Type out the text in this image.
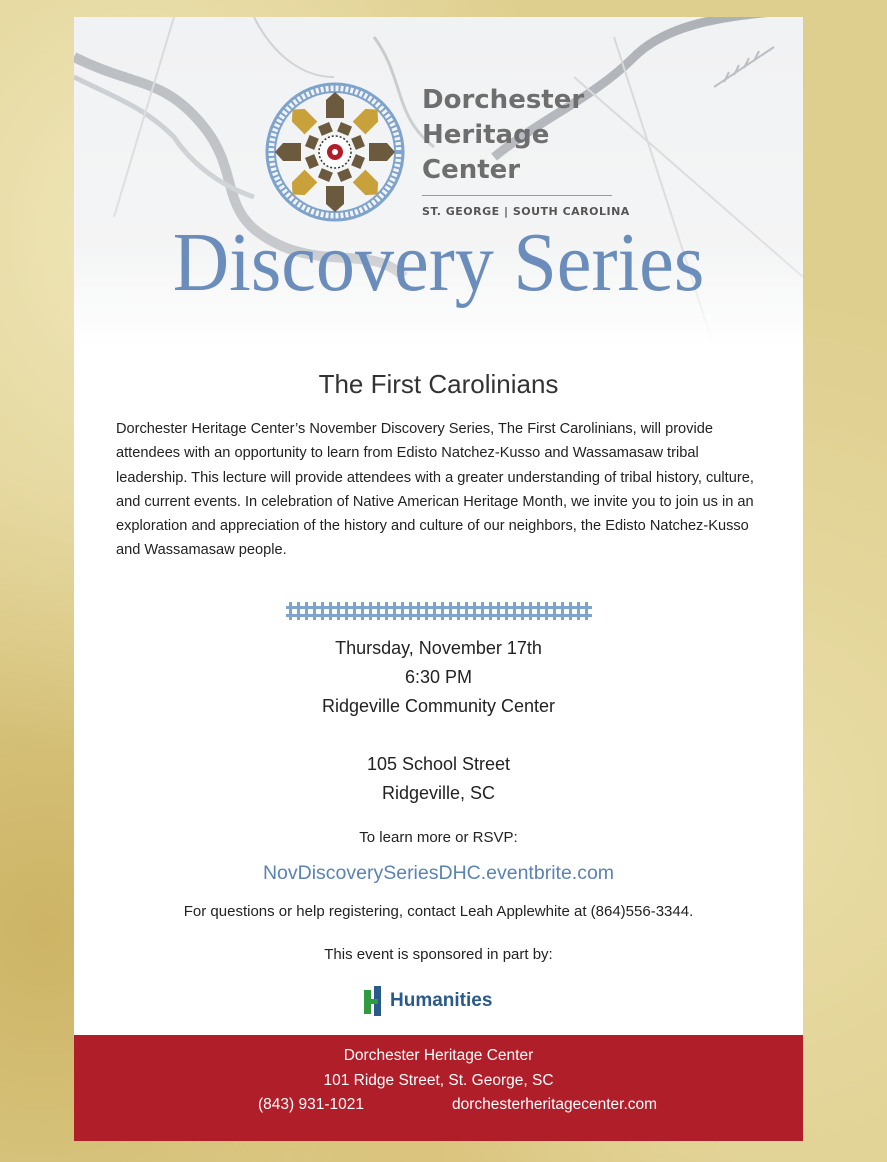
Dorchester
Heritage
Center
ST. GEORGE | SOUTH CAROLINA
Discovery Series
The First Carolinians
Dorchester Heritage Center’s November Discovery Series, The First Carolinians, will provide attendees with an opportunity to learn from Edisto Natchez-Kusso and Wassamasaw tribal leadership. This lecture will provide attendees with a greater understanding of tribal history, culture, and current events. In celebration of Native American Heritage Month, we invite you to join us in an exploration and appreciation of the history and culture of our neighbors, the Edisto Natchez-Kusso and Wassamasaw people.
Thursday, November 17th
6:30 PM
Ridgeville Community Center
105 School Street
Ridgeville, SC
To learn more or RSVP:
NovDiscoverySeriesDHC.eventbrite.com
For questions or help registering, contact Leah Applewhite at (864)556-3344.
This event is sponsored in part by:
Humanities
Dorchester Heritage Center
101 Ridge Street, St. George, SC
(843) 931-1021	dorchesterheritagecenter.com
